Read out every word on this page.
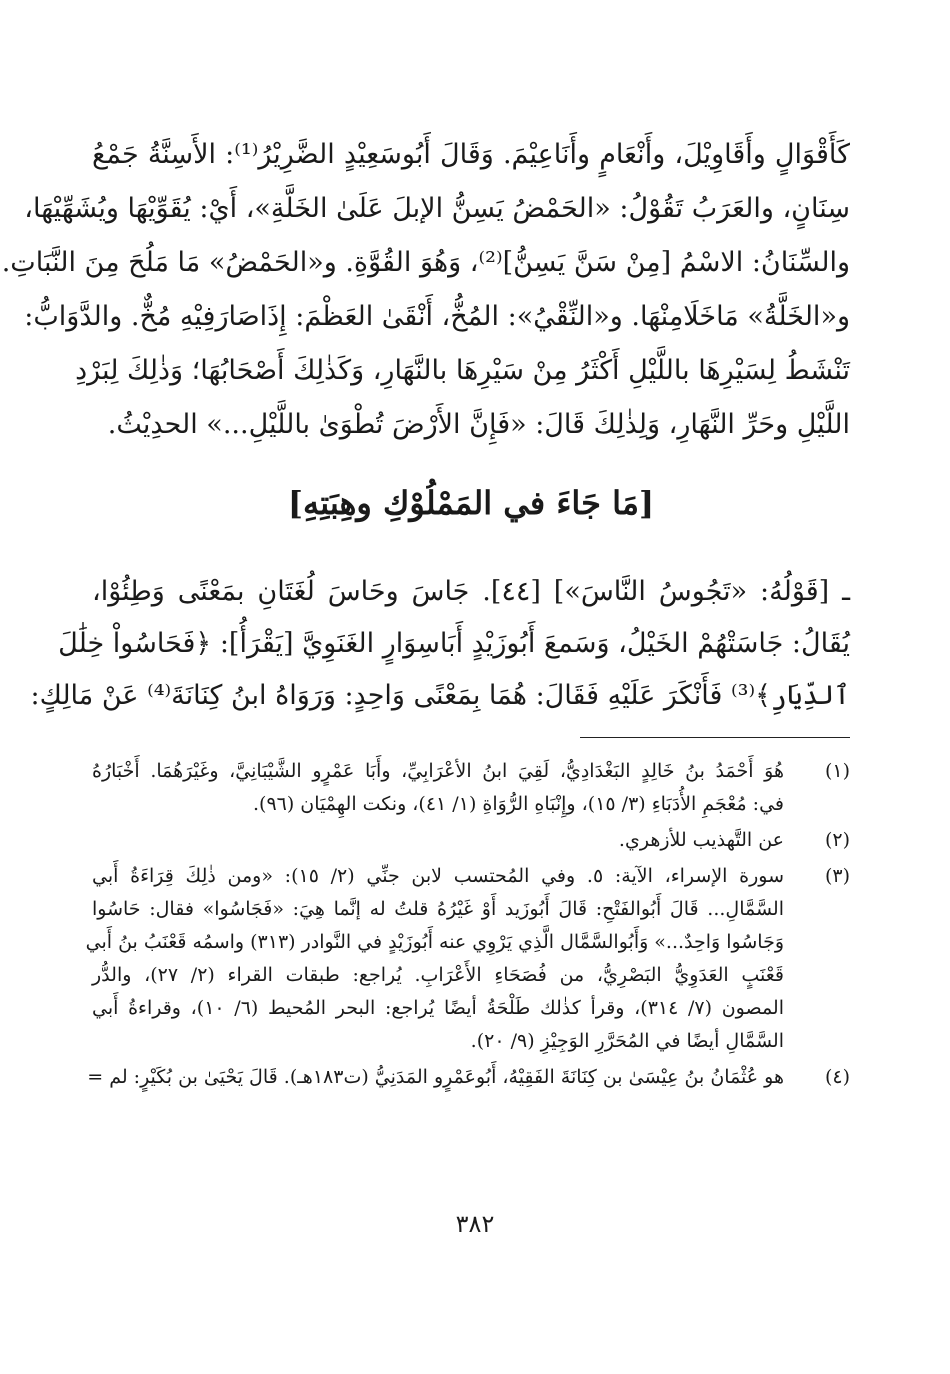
كَأَقْوَالٍ وأَقَاوِيْلَ، وأَنْعَامٍ وأَنَاعِيْمَ. وَقَالَ أَبُوسَعِيْدٍ الضَّرِيْرُ⁽¹⁾: الأَسِنَّةُ جَمْعُ
سِنَانٍ، والعَرَبُ تَقُوْلُ: «الحَمْضُ يَسِنُّ الإبلَ عَلَىٰ الخَلَّةِ»، أَيْ: يُقَوِّيْهَا ويُشَهِّيْهَا،
والسِّنَانُ: الاسْمُ [مِنْ سَنَّ يَسِنُّ]⁽²⁾، وَهُوَ القُوَّةِ. و«الحَمْضُ» مَا مَلُحَ مِنَ النَّبَاتِ.
و«الخَلَّةُ» مَاخَلَامِنْهَا. و«النِّقْيُ»: المُخُّ، أَنْقَىٰ العَظْمَ: إِذَاصَارَفِيْهِ مُخٌّ. والدَّوَابُّ:
تَنْشَطُ لِسَيْرِهَا باللَّيْلِ أَكْثَرُ مِنْ سَيْرِهَا بالنَّهَارِ، وَكَذٰلِكَ أَصْحَابُهَا؛ وَذٰلِكَ لِبَرْدِ
اللَّيْلِ وحَرِّ النَّهَارِ، وَلِذٰلِكَ قَالَ: «فَإِنَّ الأَرْضَ تُطْوَىٰ باللَّيْلِ...» الحدِيْثُ.
[مَا جَاءَ في المَمْلُوْكِ وهِبَتِهِ]
ـ [قَوْلُهُ: «تَجُوسُ النَّاسَ»] [٤٤]. جَاسَ وحَاسَ لُغَتَانِ بمَعْنًى وَطِئُوْا،
يُقَالُ: جَاسَتْهُمْ الخَيْلُ، وَسَمعَ أَبُوزَيْدٍ أَبَاسِوَارٍ الغَنَوِيَّ [يَقْرَأُ]: ﴿فَحَاسُواْ خِلَٰلَ
ٱلدِّيَارِ﴾⁽³⁾ فَأَنْكَرَ عَلَيْهِ فَقَالَ: هُمَا بِمَعْنًى وَاحِدٍ: وَرَوَاهُ ابنُ كِنَانَةَ⁽⁴⁾ عَنْ مَالِكٍ:
(١)
هُوَ أَحْمَدُ بنُ خَالِدٍ البَغْدَادِيُّ، لَقِيَ ابنُ الأعْرَابِيِّ، وأَبَا عَمْرٍو الشَّيْبَانِيَّ، وغَيْرَهُمَا. أَخْبَارُهُ
في: مُعْجَمِ الأُدَبَاءِ (٣/ ١٥)، وإِنْبَاهِ الرُّوَاةِ (١/ ٤١)، ونكت الهِمْيَان (٩٦).
(٢)
عن التَّهذيب للأزهري.
(٣)
سورة الإسراء، الآية: ٥. وفي المُحتسب لابن جنِّي (٢/ ١٥): «ومن ذٰلِكَ قِرَاءَةُ أَبي
السَّمَّالِ... قَالَ أَبُوالفَتْحِ: قَالَ أَبُوزَيد أَوْ غَيْرُهُ قلتُ له إنَّما هِيَ: «فَجَاسُوا» فقال: حَاسُوا
وَجَاسُوا وَاحِدٌ...» وَأَبُوالسَّمَّال الَّذِي يَرْوِي عنه أَبُوزَيْدٍ في النَّوادر (٣١٣) واسمُه قَعْنَبُ بنُ أَبي
قَعْنَبٍ العَدَوِيُّ البَصْرِيُّ، من فُصَحَاءِ الأَعْرَابِ. يُراجع: طبقات القراء (٢/ ٢٧)، والدُّر
المصون (٧/ ٣١٤)، وقرأ كذٰلك طَلْحَةُ أيضًا يُراجع: البحر المُحيط (٦/ ١٠)، وقراءةُ أَبي
السَّمَّالِ أيضًا في المُحَرَّرِ الوَجِيْزِ (٩/ ٢٠).
(٤)
هو عُثْمَانُ بنُ عِيْسَىٰ بن كِنَانَةَ الفَقِيْهُ، أَبُوعَمْرٍو المَدَنِيُّ (ت١٨٣هـ). قَالَ يَحْيَىٰ بن بُكَيْرٍ: لم =
٣٨٢
